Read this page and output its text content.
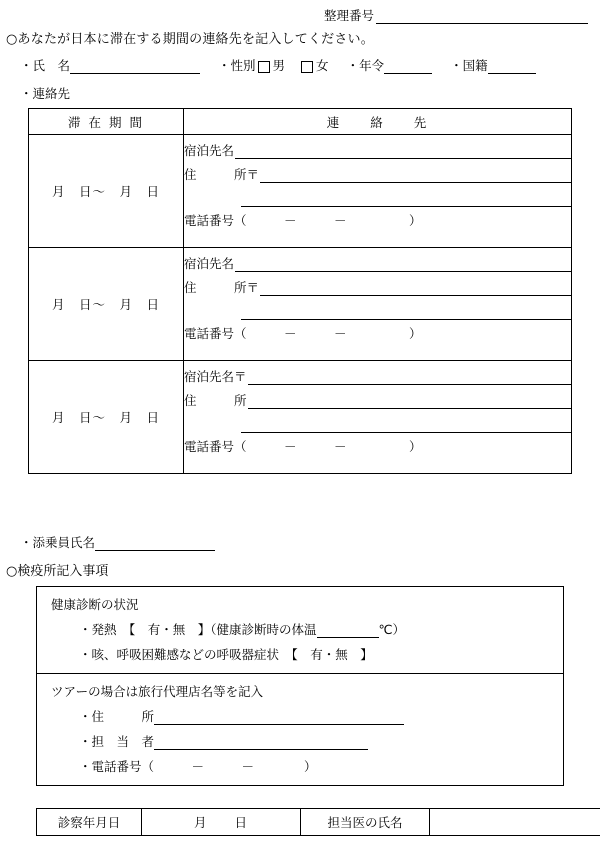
整理番号
○あなたが日本に滞在する期間の連絡先を記入してください。
・氏　名	・性別 男 女 ・年令	・国籍
・連絡先
滞 在 期 間	連　　絡　　先
月　日～　月　日	宿泊先名
住　　　所 〒
電話番号（　　　－　　　－　　　　　）

月　日～　月　日	宿泊先名
住　　　所 〒
電話番号（　　　－　　　－　　　　　）

月　日～　月　日	宿泊先名 〒
住　　　所
電話番号（　　　－　　　－　　　　　）
・添乗員氏名
○検疫所記入事項
健康診断の状況
・発熱　【　有・無　】（健康診断時の体温	℃）
・咳、呼吸困難感などの呼吸器症状　【　有・無　】
ツアーの場合は旅行代理店名等を記入
・住　　　所
・担　当　者
・電話番号（　　　－　　　－　　　　）
診察年月日	月　　日	担当医の氏名	
